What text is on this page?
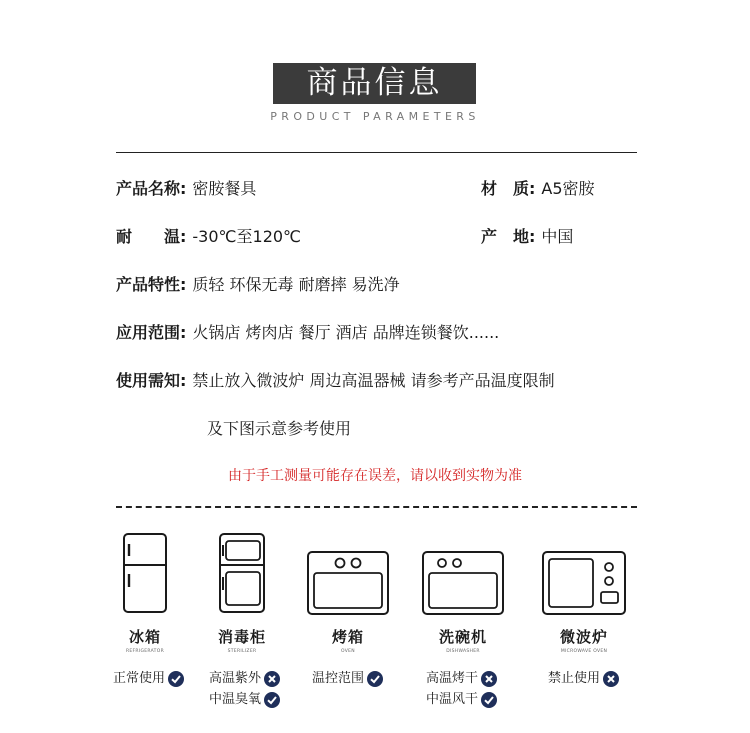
商品信息
PRODUCT PARAMETERS
产品名称: 密胺餐具	材　质: A5密胺
耐　　温: -30℃至120℃	产　地: 中国
产品特性: 质轻 环保无毒 耐磨摔 易洗净
应用范围: 火锅店 烤肉店 餐厅 酒店 品牌连锁餐饮......
使用需知: 禁止放入微波炉 周边高温器械 请参考产品温度限制
及下图示意参考使用
由于手工测量可能存在误差，请以收到实物为准
冰箱
REFRIGERATOR
消毒柜
STERILIZER
烤箱
OVEN
洗碗机
DISHWASHER
微波炉
MICROWAVE OVEN
正常使用	高温紫外
中温臭氧
温控范围	高温烤干
中温风干
禁止使用
